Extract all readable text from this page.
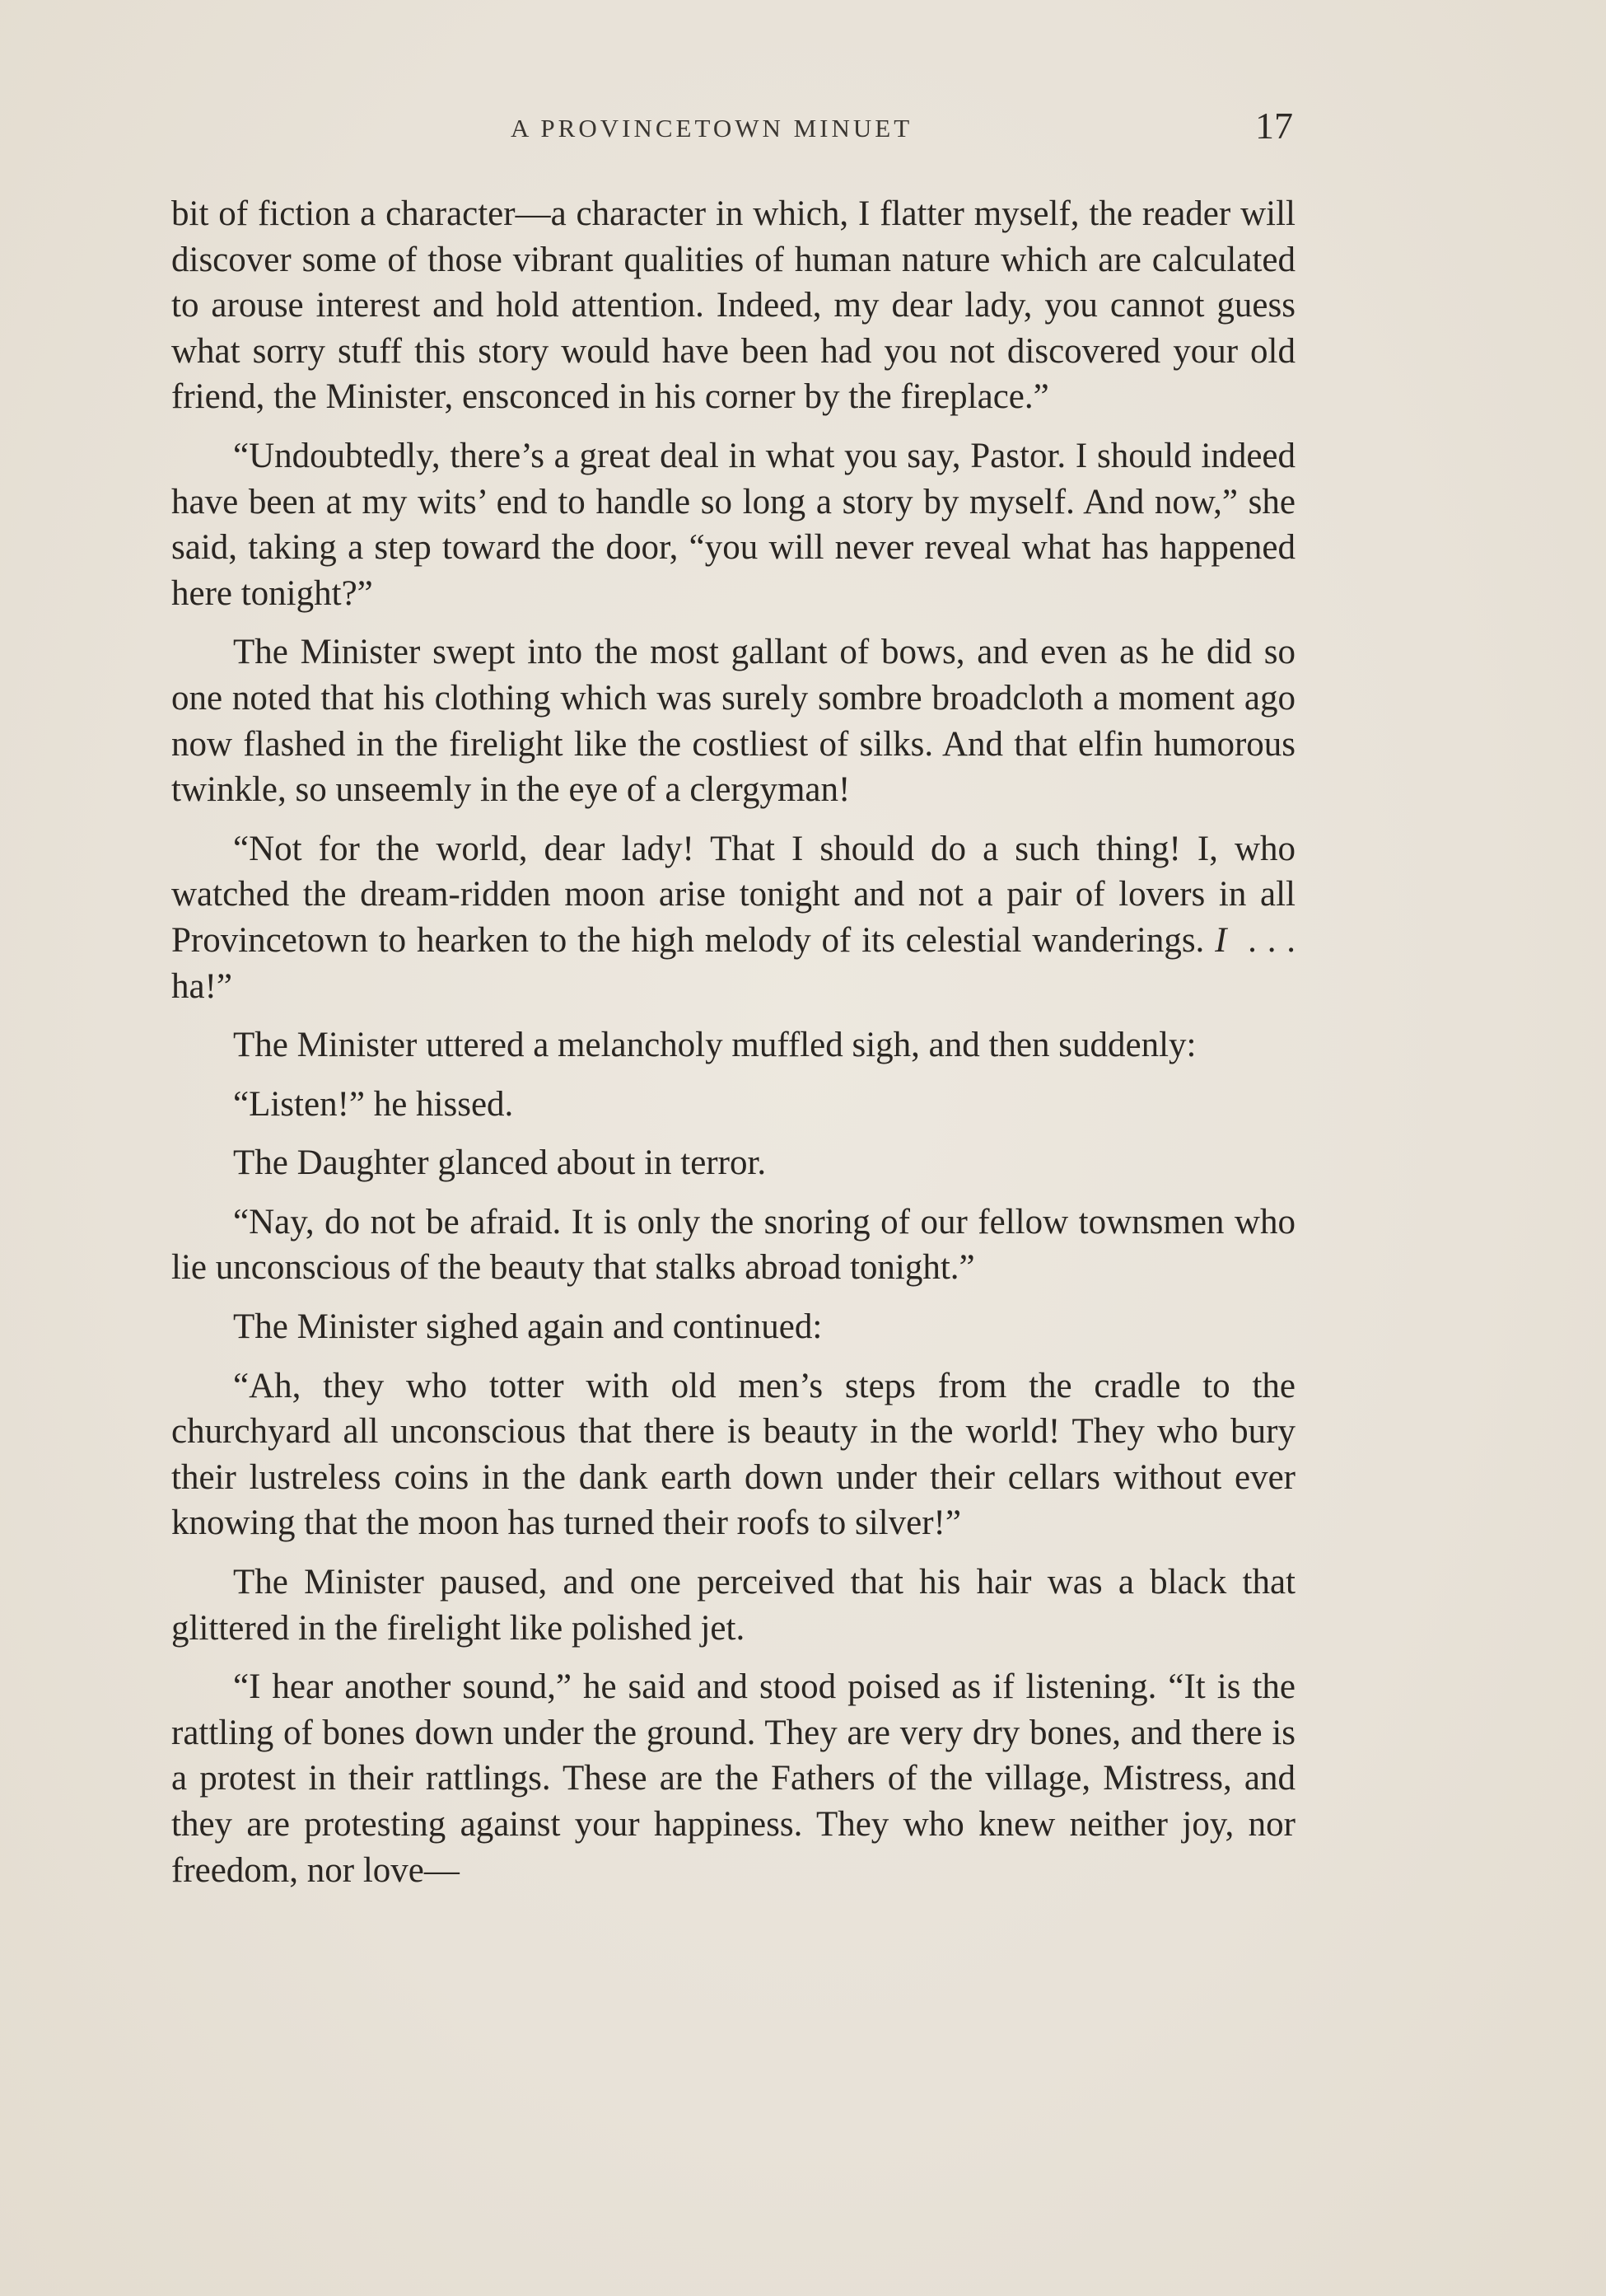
A PROVINCETOWN MINUET	17

bit of fiction a character—a character in which, I flatter myself, the reader will discover some of those vibrant qualities of human nature which are calculated to arouse interest and hold attention. Indeed, my dear lady, you cannot guess what sorry stuff this story would have been had you not discovered your old friend, the Minister, ensconced in his corner by the fireplace.”

“Undoubtedly, there’s a great deal in what you say, Pastor. I should indeed have been at my wits’ end to handle so long a story by myself. And now,” she said, taking a step toward the door, “you will never reveal what has happened here tonight?”

The Minister swept into the most gallant of bows, and even as he did so one noted that his clothing which was surely sombre broadcloth a moment ago now flashed in the firelight like the costliest of silks. And that elfin humorous twinkle, so unseemly in the eye of a clergyman!

“Not for the world, dear lady! That I should do a such thing! I, who watched the dream-ridden moon arise tonight and not a pair of lovers in all Provincetown to hearken to the high melody of its celestial wanderings. I . . . ha!”

The Minister uttered a melancholy muffled sigh, and then suddenly:

“Listen!” he hissed.

The Daughter glanced about in terror.

“Nay, do not be afraid. It is only the snoring of our fellow townsmen who lie unconscious of the beauty that stalks abroad tonight.”

The Minister sighed again and continued:

“Ah, they who totter with old men’s steps from the cradle to the churchyard all unconscious that there is beauty in the world! They who bury their lustreless coins in the dank earth down under their cellars without ever knowing that the moon has turned their roofs to silver!”

The Minister paused, and one perceived that his hair was a black that glittered in the firelight like polished jet.

“I hear another sound,” he said and stood poised as if listening. “It is the rattling of bones down under the ground. They are very dry bones, and there is a protest in their rattlings. These are the Fathers of the village, Mistress, and they are protesting against your happiness. They who knew neither joy, nor freedom, nor love—
